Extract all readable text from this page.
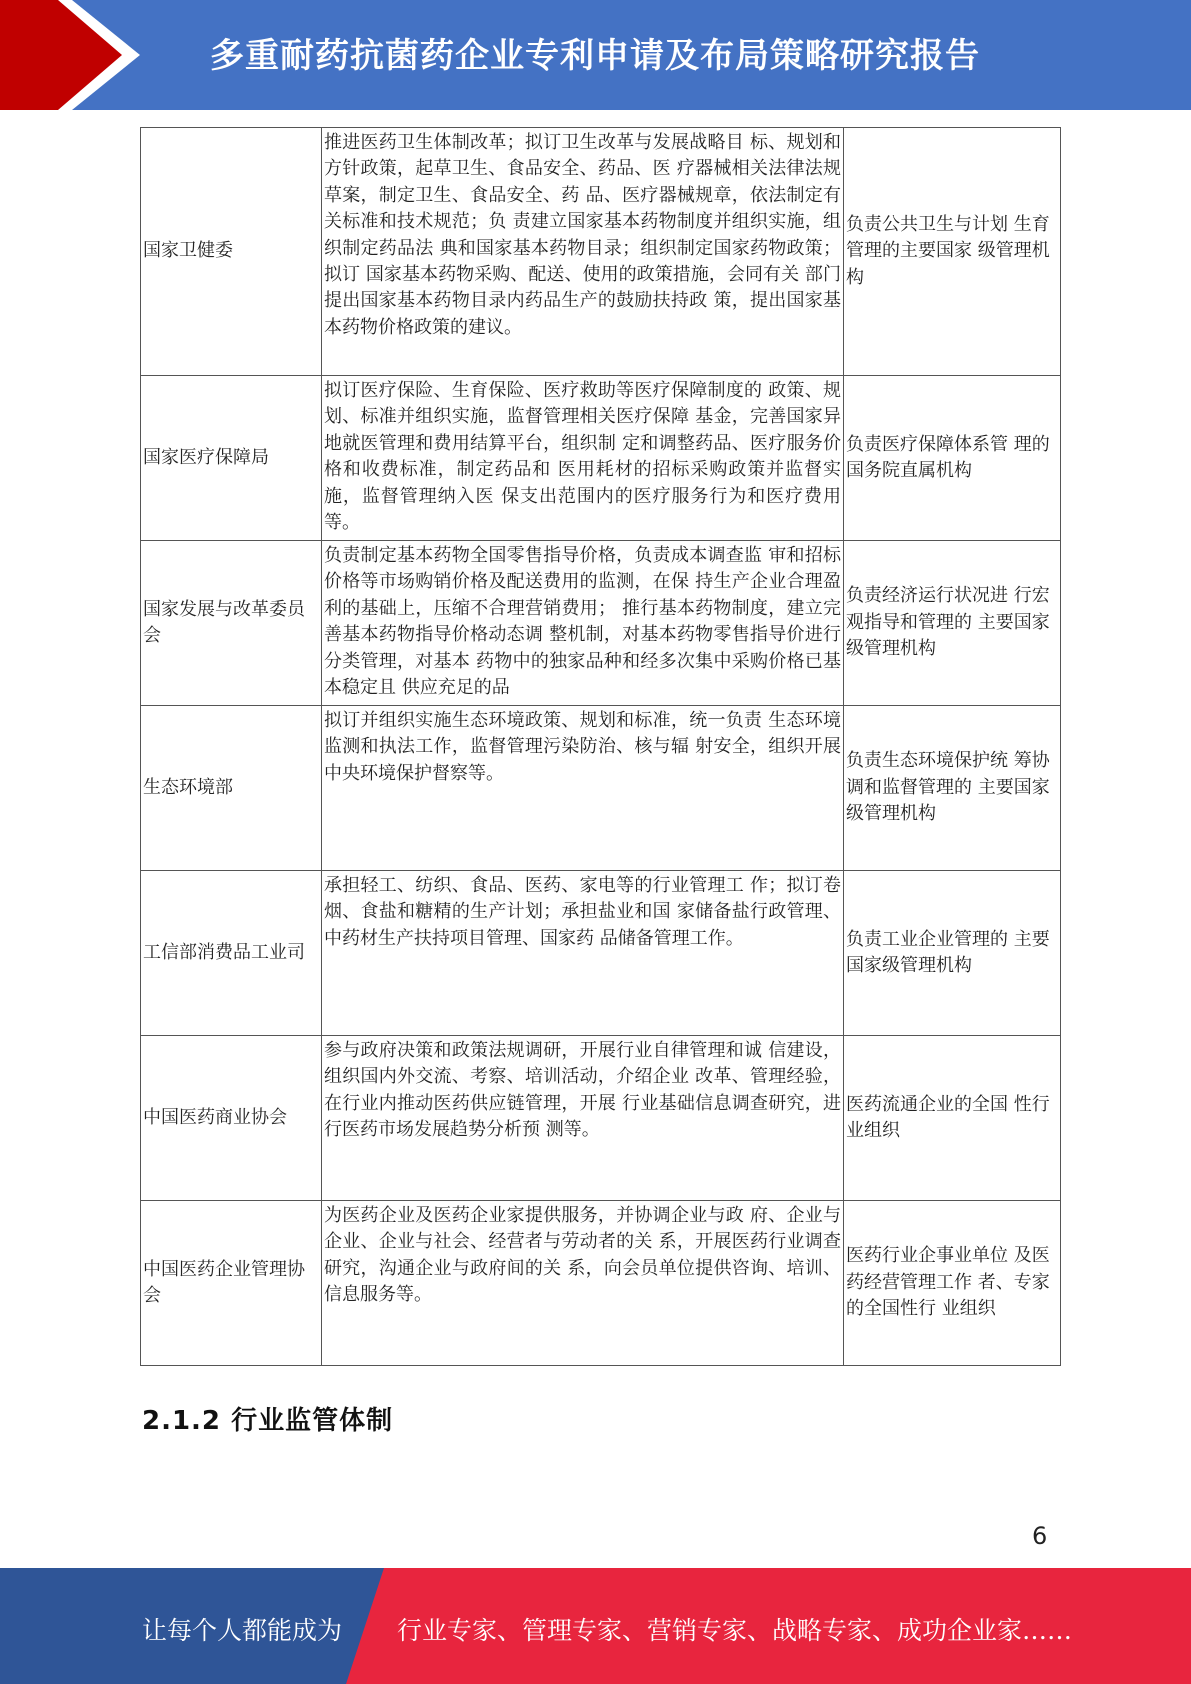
多重耐药抗菌药企业专利申请及布局策略研究报告
国家卫健委	推进医药卫生体制改革；拟订卫生改革与发展战略目 标、规划和方针政策，起草卫生、食品安全、药品、医 疗器械相关法律法规草案，制定卫生、食品安全、药 品、医疗器械规章，依法制定有关标准和技术规范；负 责建立国家基本药物制度并组织实施，组织制定药品法 典和国家基本药物目录；组织制定国家药物政策；拟订 国家基本药物采购、配送、使用的政策措施，会同有关 部门提出国家基本药物目录内药品生产的鼓励扶持政 策，提出国家基本药物价格政策的建议。	负责公共卫生与计划 生育管理的主要国家 级管理机构
国家医疗保障局	拟订医疗保险、生育保险、医疗救助等医疗保障制度的 政策、规划、标准并组织实施，监督管理相关医疗保障 基金，完善国家异地就医管理和费用结算平台，组织制 定和调整药品、医疗服务价格和收费标准，制定药品和 医用耗材的招标采购政策并监督实施，监督管理纳入医 保支出范围内的医疗服务行为和医疗费用等。	负责医疗保障体系管 理的国务院直属机构
国家发展与改革委员会	负责制定基本药物全国零售指导价格，负责成本调查监 审和招标价格等市场购销价格及配送费用的监测，在保 持生产企业合理盈利的基础上，压缩不合理营销费用； 推行基本药物制度，建立完善基本药物指导价格动态调 整机制，对基本药物零售指导价进行分类管理，对基本 药物中的独家品种和经多次集中采购价格已基本稳定且 供应充足的品	负责经济运行状况进 行宏观指导和管理的 主要国家级管理机构
生态环境部	拟订并组织实施生态环境政策、规划和标准，统一负责 生态环境监测和执法工作，监督管理污染防治、核与辐 射安全，组织开展中央环境保护督察等。	负责生态环境保护统 筹协调和监督管理的 主要国家级管理机构
工信部消费品工业司	承担轻工、纺织、食品、医药、家电等的行业管理工 作；拟订卷烟、食盐和糖精的生产计划；承担盐业和国 家储备盐行政管理、中药材生产扶持项目管理、国家药 品储备管理工作。	负责工业企业管理的 主要国家级管理机构
中国医药商业协会	参与政府决策和政策法规调研，开展行业自律管理和诚 信建设，组织国内外交流、考察、培训活动，介绍企业 改革、管理经验，在行业内推动医药供应链管理，开展 行业基础信息调查研究，进行医药市场发展趋势分析预 测等。	医药流通企业的全国 性行业组织
中国医药企业管理协会	为医药企业及医药企业家提供服务，并协调企业与政 府、企业与企业、企业与社会、经营者与劳动者的关 系，开展医药行业调查研究，沟通企业与政府间的关 系，向会员单位提供咨询、培训、信息服务等。	医药行业企事业单位 及医药经营管理工作 者、专家的全国性行 业组织
2.1.2 行业监管体制
6
让每个人都能成为 行业专家、管理专家、营销专家、战略专家、成功企业家……
